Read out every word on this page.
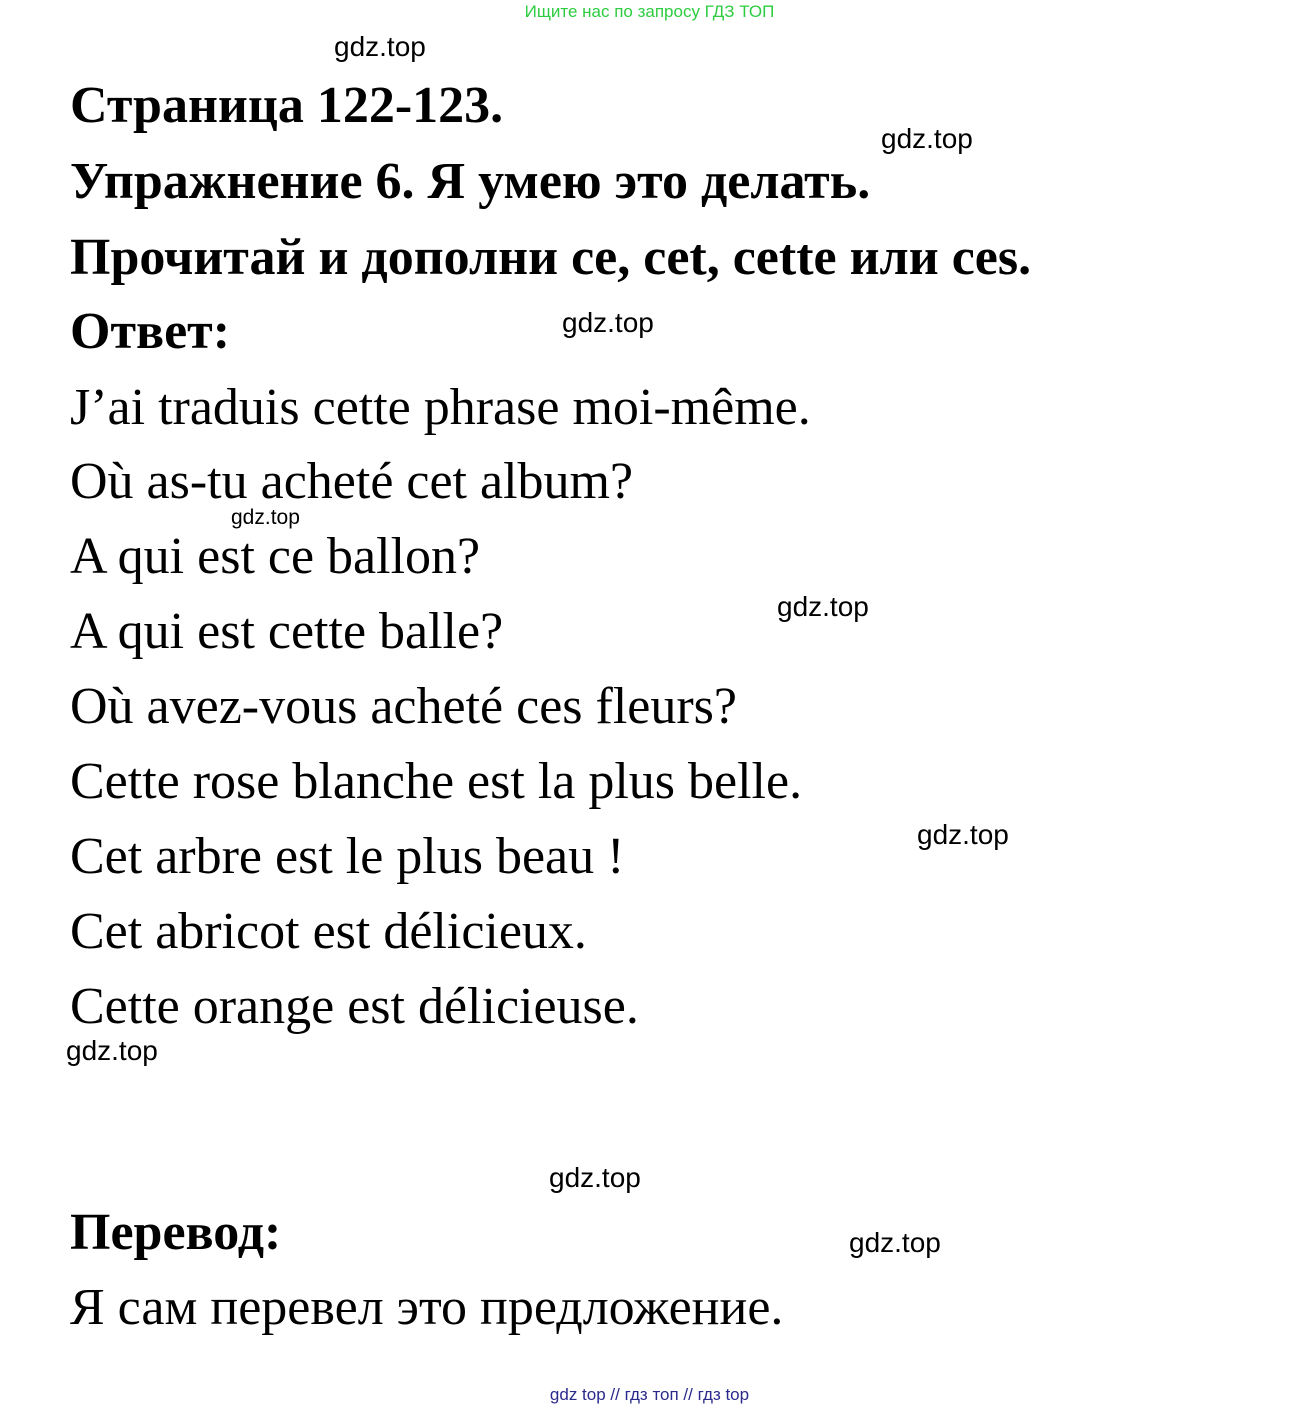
Ищите нас по запросу ГДЗ ТОП
gdz.top
Страница 122-123.
gdz.top
Упражнение 6. Я умею это делать.
Прочитай и дополни ce, cet, cette или ces.
Ответ:	gdz.top
J’ai traduis cette phrase moi-même.
Où as-tu acheté cet album?
gdz.top
A qui est ce ballon?
gdz.top
A qui est cette balle?
Où avez-vous acheté ces fleurs?
Cette rose blanche est la plus belle.
gdz.top
Cet arbre est le plus beau !
Cet abricot est délicieux.
Cette orange est délicieuse.
gdz.top
gdz.top
Перевод:	gdz.top
Я сам перевел это предложение.
gdz top // гдз топ // гдз top
